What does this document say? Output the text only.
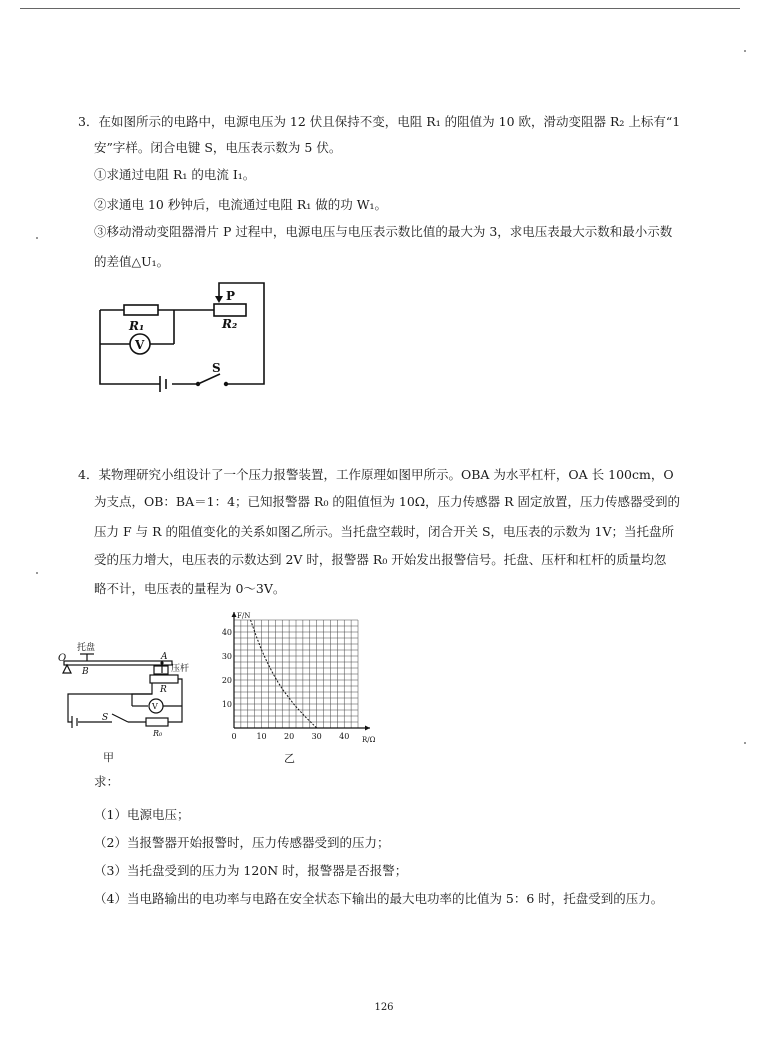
3．在如图所示的电路中，电源电压为 12 伏且保持不变，电阻 R₁ 的阻值为 10 欧，滑动变阻器 R₂ 上标有“1
安”字样。闭合电键 S，电压表示数为 5 伏。
①求通过电阻 R₁ 的电流 I₁。
②求通电 10 秒钟后，电流通过电阻 R₁ 做的功 W₁。
③移动滑动变阻器滑片 P 过程中，电源电压与电压表示数比值的最大为 3，求电压表最大示数和最小示数
的差值△U₁。
R₁	R₂
P
V
S
4．某物理研究小组设计了一个压力报警装置，工作原理如图甲所示。OBA 为水平杠杆，OA 长 100cm，O
为支点，OB：BA＝1：4；已知报警器 R₀ 的阻值恒为 10Ω，压力传感器 R 固定放置，压力传感器受到的
压力 F 与 R 的阻值变化的关系如图乙所示。当托盘空载时，闭合开关 S，电压表的示数为 1V；当托盘所
受的压力增大，电压表的示数达到 2V 时，报警器 R₀ 开始发出报警信号。托盘、压杆和杠杆的质量均忽
略不计，电压表的量程为 0～3V。
O
托盘
B
A
压杆
R
V
R₀
S
甲
0 10 20 30 40
10
20
30
40
R/Ω
F/N
乙
求：
（1）电源电压；
（2）当报警器开始报警时，压力传感器受到的压力；
（3）当托盘受到的压力为 120N 时，报警器是否报警；
（4）当电路输出的电功率与电路在安全状态下输出的最大电功率的比值为 5：6 时，托盘受到的压力。
126
